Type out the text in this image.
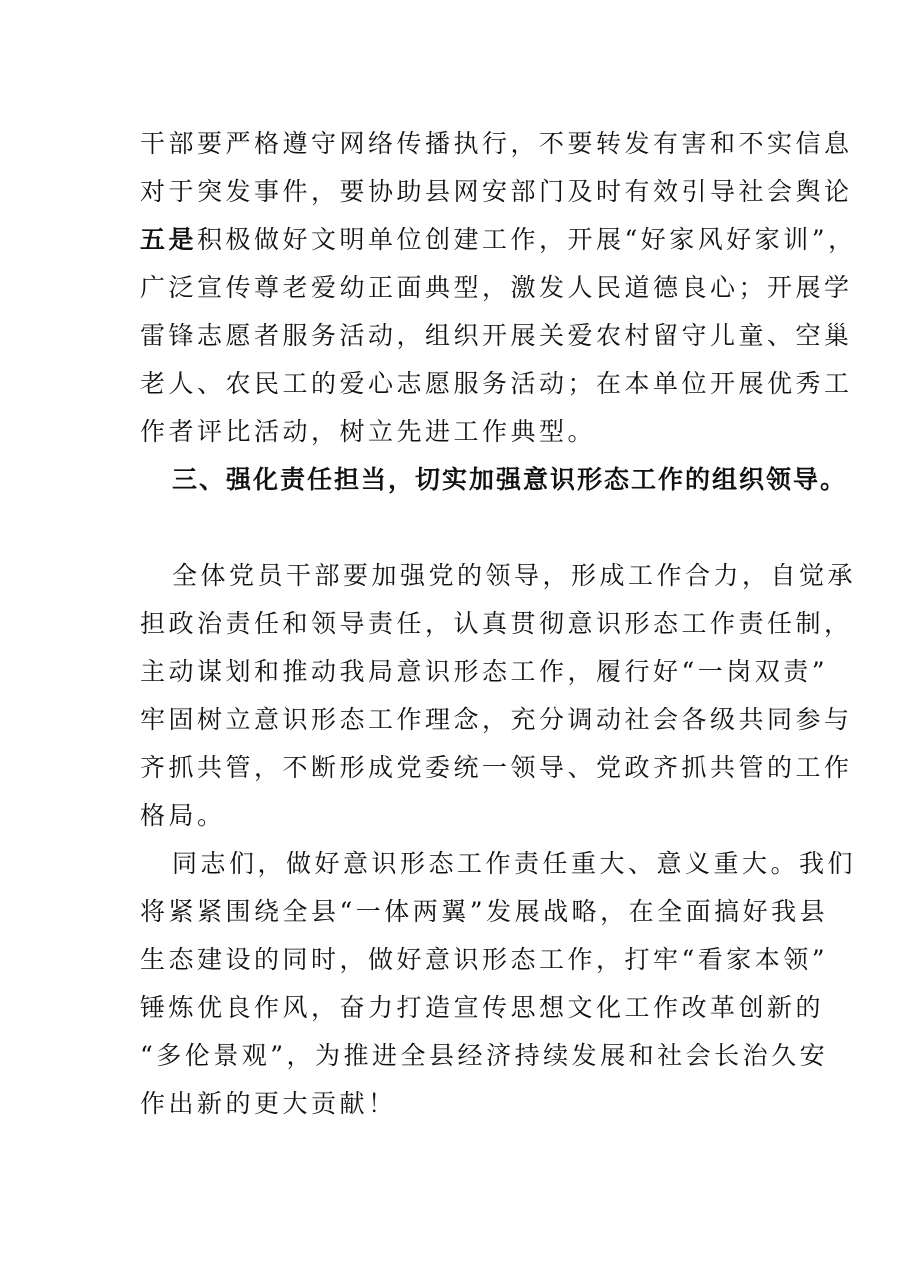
干部要严格遵守网络传播执行，不要转发有害和不实信息
对于突发事件，要协助县网安部门及时有效引导社会舆论
五是积极做好文明单位创建工作，开展“好家风好家训”，
广泛宣传尊老爱幼正面典型，激发人民道德良心；开展学
雷锋志愿者服务活动，组织开展关爱农村留守儿童、空巢
老人、农民工的爱心志愿服务活动；在本单位开展优秀工
作者评比活动，树立先进工作典型。
三、强化责任担当，切实加强意识形态工作的组织领导。
全体党员干部要加强党的领导，形成工作合力，自觉承
担政治责任和领导责任，认真贯彻意识形态工作责任制，
主动谋划和推动我局意识形态工作，履行好“一岗双责”
牢固树立意识形态工作理念，充分调动社会各级共同参与
齐抓共管，不断形成党委统一领导、党政齐抓共管的工作
格局。
同志们，做好意识形态工作责任重大、意义重大。我们
将紧紧围绕全县“一体两翼”发展战略，在全面搞好我县
生态建设的同时，做好意识形态工作，打牢“看家本领”
锤炼优良作风，奋力打造宣传思想文化工作改革创新的
“多伦景观”，为推进全县经济持续发展和社会长治久安
作出新的更大贡献！
